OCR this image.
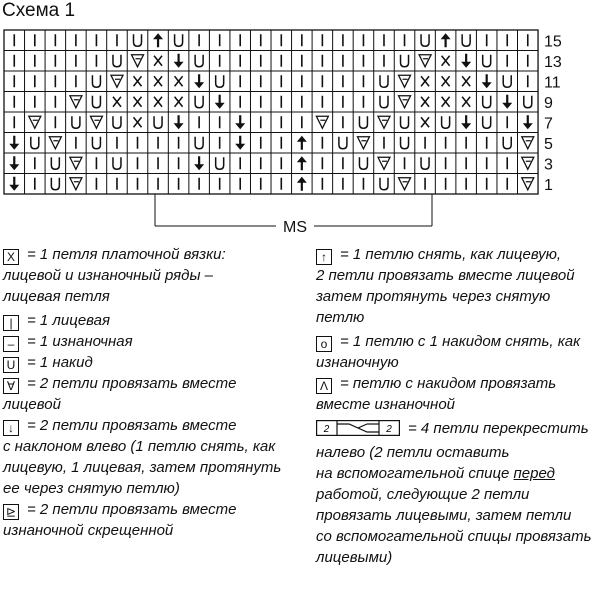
Схема 1
15
13
11
9
7
5
3
1
MS
X = 1 петля платочной вязки:
лицевой и изнаночный ряды –
лицевая петля
| = 1 лицевая
– = 1 изнаночная
U = 1 накид
∀ = 2 петли провязать вместе
лицевой
↓ = 2 петли провязать вместе
с наклоном влево (1 петлю снять, как
лицевую, 1 лицевая, затем протянуть
ее через снятую петлю)
⊵ = 2 петли провязать вместе
изнаночной скрещенной
↑ = 1 петлю снять, как лицевую,
2 петли провязать вместе лицевой
затем протянуть через снятую
петлю
o = 1 петлю с 1 накидом снять, как
изнаночную
Λ = петлю с накидом провязать
вместе изнаночной
2	2 = 4 петли перекрестить
налево (2 петли оставить
на вспомогательной спице перед
работой, следующие 2 петли
провязать лицевыми, затем петли
со вспомогательной спицы провязать
лицевыми)
